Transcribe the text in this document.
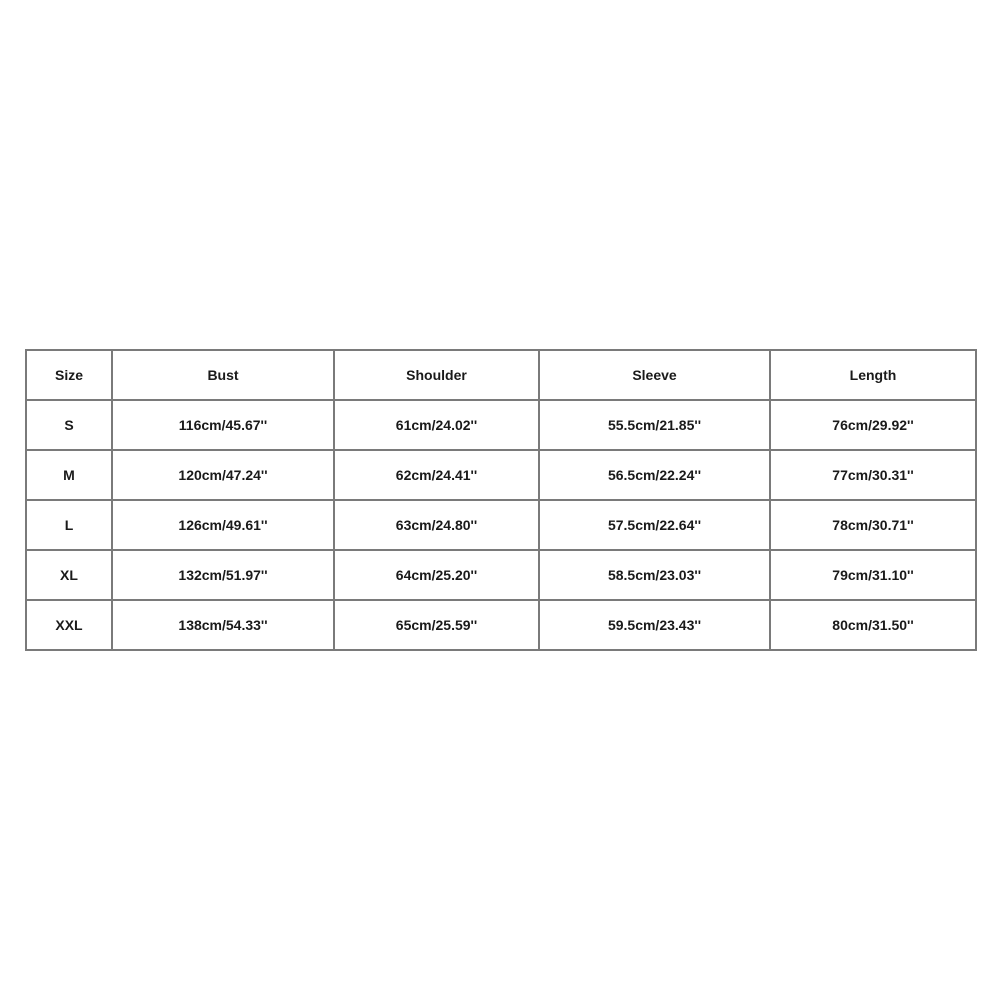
Size	Bust	Shoulder	Sleeve	Length
S	116cm/45.67''	61cm/24.02''	55.5cm/21.85''	76cm/29.92''
M	120cm/47.24''	62cm/24.41''	56.5cm/22.24''	77cm/30.31''
L	126cm/49.61''	63cm/24.80''	57.5cm/22.64''	78cm/30.71''
XL	132cm/51.97''	64cm/25.20''	58.5cm/23.03''	79cm/31.10''
XXL	138cm/54.33''	65cm/25.59''	59.5cm/23.43''	80cm/31.50''
